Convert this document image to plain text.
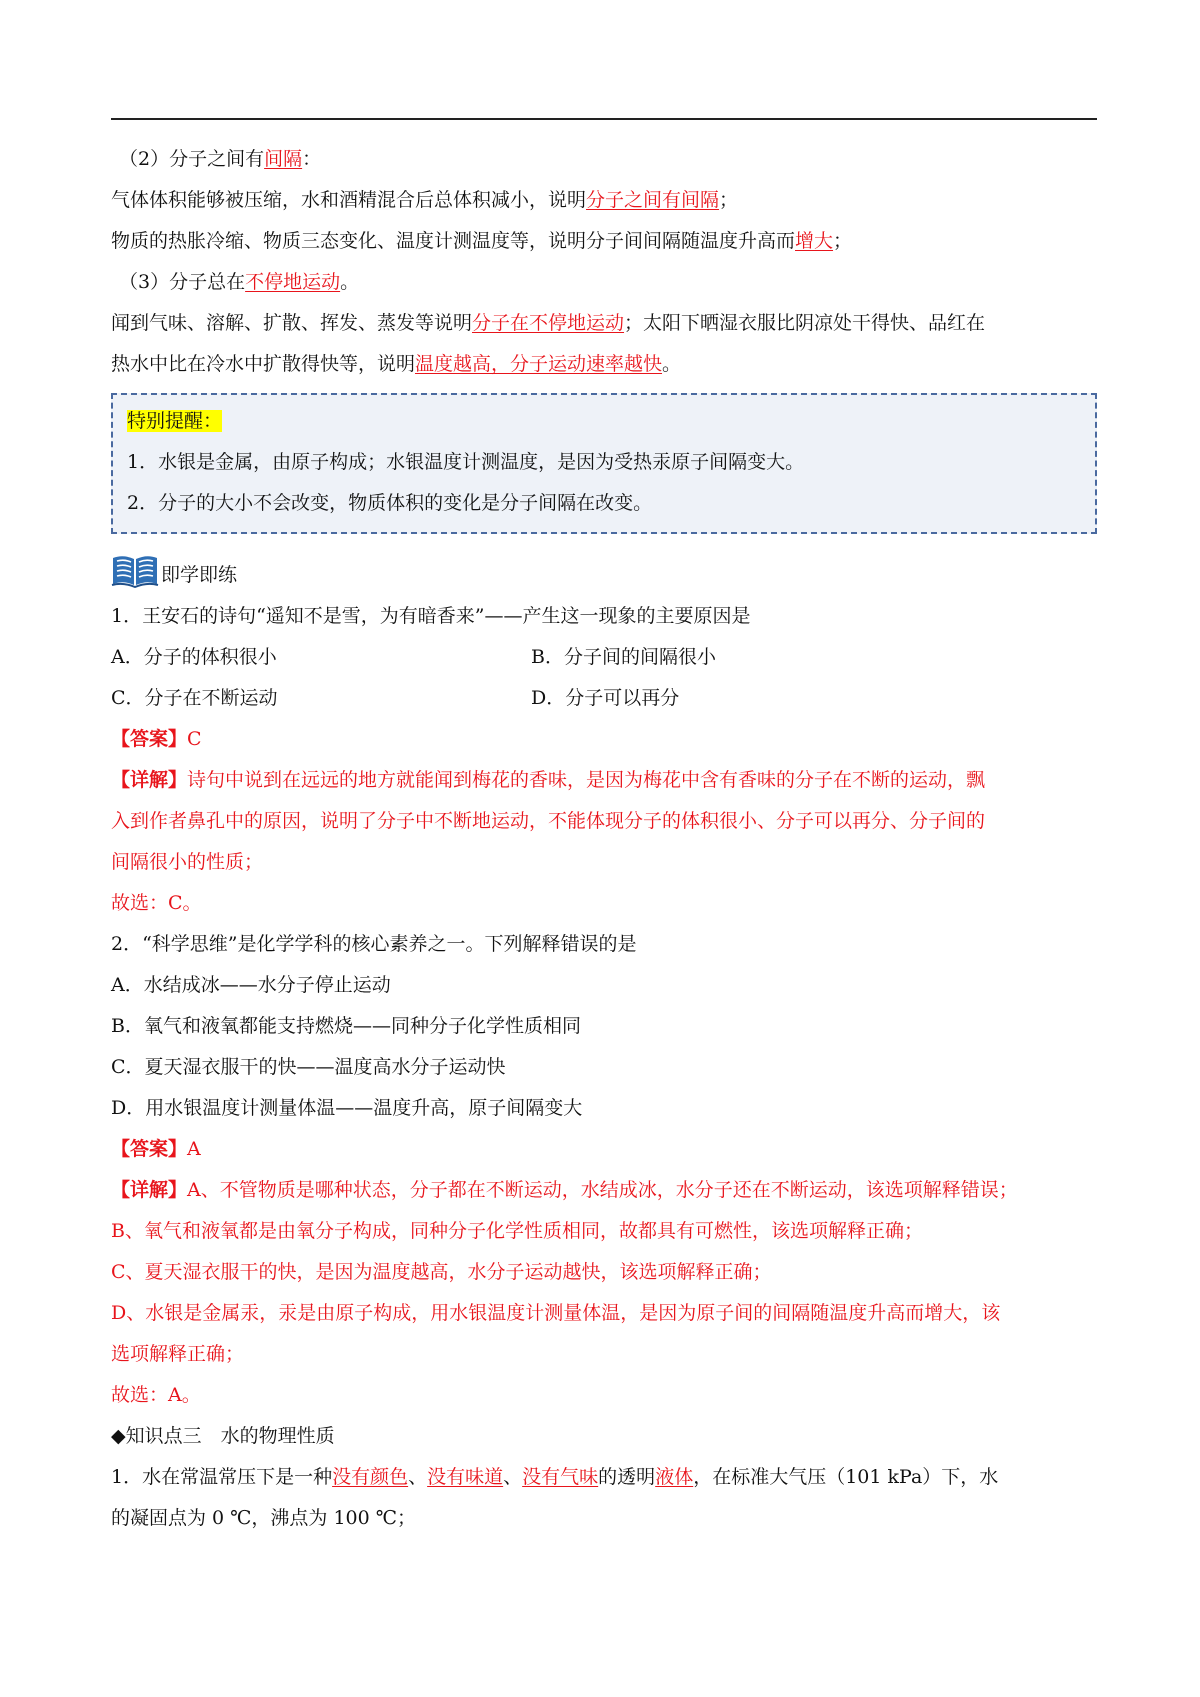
（2）分子之间有间隔：

气体体积能够被压缩，水和酒精混合后总体积减小，说明分子之间有间隔；

物质的热胀冷缩、物质三态变化、温度计测温度等，说明分子间间隔随温度升高而增大；

（3）分子总在不停地运动。

闻到气味、溶解、扩散、挥发、蒸发等说明分子在不停地运动；太阳下晒湿衣服比阴凉处干得快、品红在

热水中比在冷水中扩散得快等，说明温度越高，分子运动速率越快。

特别提醒：

1．水银是金属，由原子构成；水银温度计测温度，是因为受热汞原子间隔变大。

2．分子的大小不会改变，物质体积的变化是分子间隔在改变。

即学即练

1．王安石的诗句“遥知不是雪，为有暗香来”——产生这一现象的主要原因是

A．分子的体积很小	B．分子间的间隔很小

C．分子在不断运动	D．分子可以再分

【答案】C

【详解】诗句中说到在远远的地方就能闻到梅花的香味，是因为梅花中含有香味的分子在不断的运动，飘

入到作者鼻孔中的原因，说明了分子中不断地运动，不能体现分子的体积很小、分子可以再分、分子间的

间隔很小的性质；

故选：C。

2．“科学思维”是化学学科的核心素养之一。下列解释错误的是

A．水结成冰——水分子停止运动

B．氧气和液氧都能支持燃烧——同种分子化学性质相同

C．夏天湿衣服干的快——温度高水分子运动快

D．用水银温度计测量体温——温度升高，原子间隔变大

【答案】A

【详解】A、不管物质是哪种状态，分子都在不断运动，水结成冰，水分子还在不断运动，该选项解释错误；

B、氧气和液氧都是由氧分子构成，同种分子化学性质相同，故都具有可燃性，该选项解释正确；

C、夏天湿衣服干的快，是因为温度越高，水分子运动越快，该选项解释正确；

D、水银是金属汞，汞是由原子构成，用水银温度计测量体温，是因为原子间的间隔随温度升高而增大，该

选项解释正确；

故选：A。

◆知识点三　水的物理性质

1．水在常温常压下是一种没有颜色、没有味道、没有气味的透明液体，在标准大气压（101 kPa）下，水

的凝固点为 0 ℃，沸点为 100 ℃；
